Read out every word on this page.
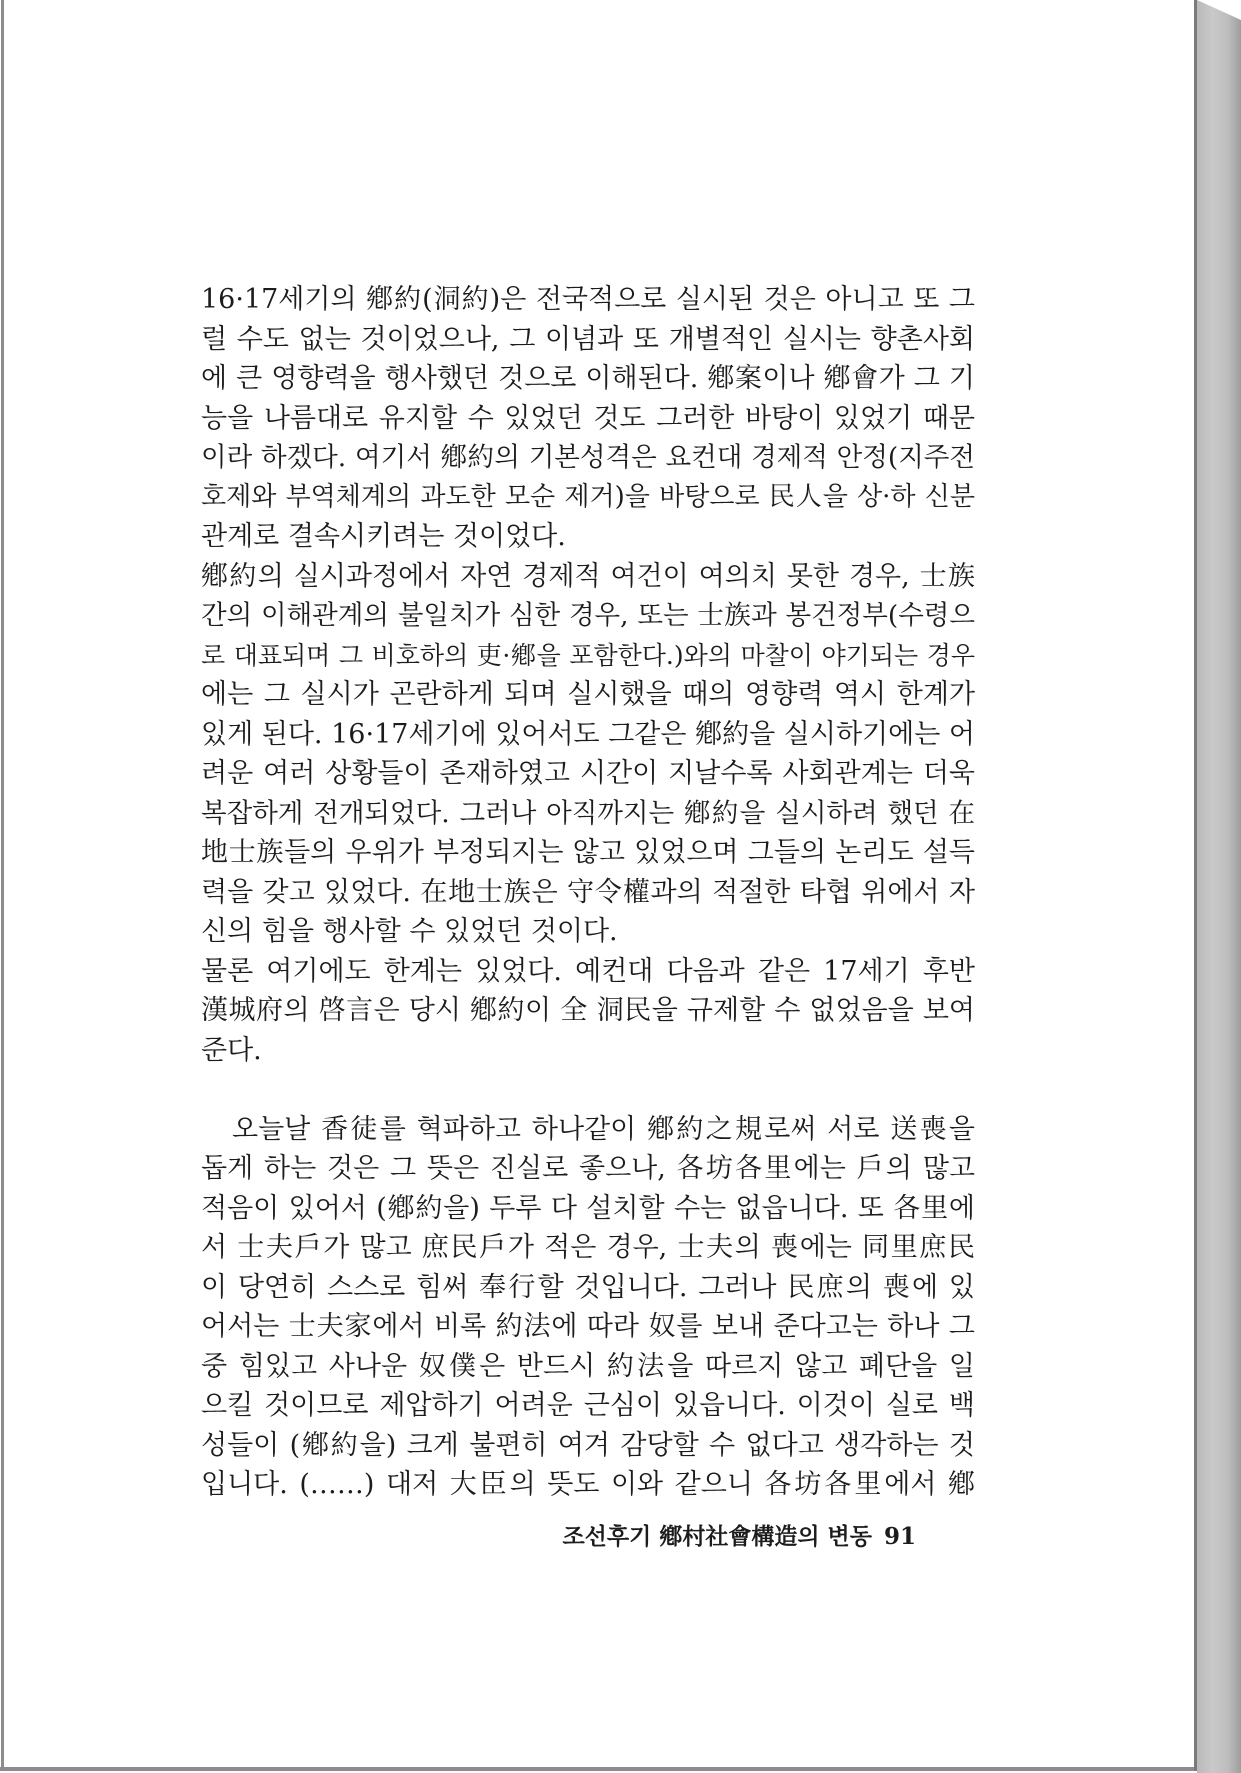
16·17세기의 鄕約(洞約)은 전국적으로 실시된 것은 아니고 또 그
럴 수도 없는 것이었으나, 그 이념과 또 개별적인 실시는 향촌사회
에 큰 영향력을 행사했던 것으로 이해된다. 鄕案이나 鄕會가 그 기
능을 나름대로 유지할 수 있었던 것도 그러한 바탕이 있었기 때문
이라 하겠다. 여기서 鄕約의 기본성격은 요컨대 경제적 안정(지주전
호제와 부역체계의 과도한 모순 제거)을 바탕으로 民人을 상·하 신분
관계로 결속시키려는 것이었다.
鄕約의 실시과정에서 자연 경제적 여건이 여의치 못한 경우, 士族
간의 이해관계의 불일치가 심한 경우, 또는 士族과 봉건정부(수령으
로 대표되며 그 비호하의 吏·鄕을 포함한다.)와의 마찰이 야기되는 경우
에는 그 실시가 곤란하게 되며 실시했을 때의 영향력 역시 한계가
있게 된다. 16·17세기에 있어서도 그같은 鄕約을 실시하기에는 어
려운 여러 상황들이 존재하였고 시간이 지날수록 사회관계는 더욱
복잡하게 전개되었다. 그러나 아직까지는 鄕約을 실시하려 했던 在
地士族들의 우위가 부정되지는 않고 있었으며 그들의 논리도 설득
력을 갖고 있었다. 在地士族은 守令權과의 적절한 타협 위에서 자
신의 힘을 행사할 수 있었던 것이다.
물론 여기에도 한계는 있었다. 예컨대 다음과 같은 17세기 후반
漢城府의 啓言은 당시 鄕約이 全 洞民을 규제할 수 없었음을 보여
준다.
오늘날 香徒를 혁파하고 하나같이 鄕約之規로써 서로 送喪을
돕게 하는 것은 그 뜻은 진실로 좋으나, 各坊各里에는 戶의 많고
적음이 있어서 (鄕約을) 두루 다 설치할 수는 없읍니다. 또 各里에
서 士夫戶가 많고 庶民戶가 적은 경우, 士夫의 喪에는 同里庶民
이 당연히 스스로 힘써 奉行할 것입니다. 그러나 民庶의 喪에 있
어서는 士夫家에서 비록 約法에 따라 奴를 보내 준다고는 하나 그
중 힘있고 사나운 奴僕은 반드시 約法을 따르지 않고 폐단을 일
으킬 것이므로 제압하기 어려운 근심이 있읍니다. 이것이 실로 백
성들이 (鄕約을) 크게 불편히 여겨 감당할 수 없다고 생각하는 것
입니다. (……) 대저 大臣의 뜻도 이와 같으니 各坊各里에서 鄕
조선후기 鄕村社會構造의 변동 91
